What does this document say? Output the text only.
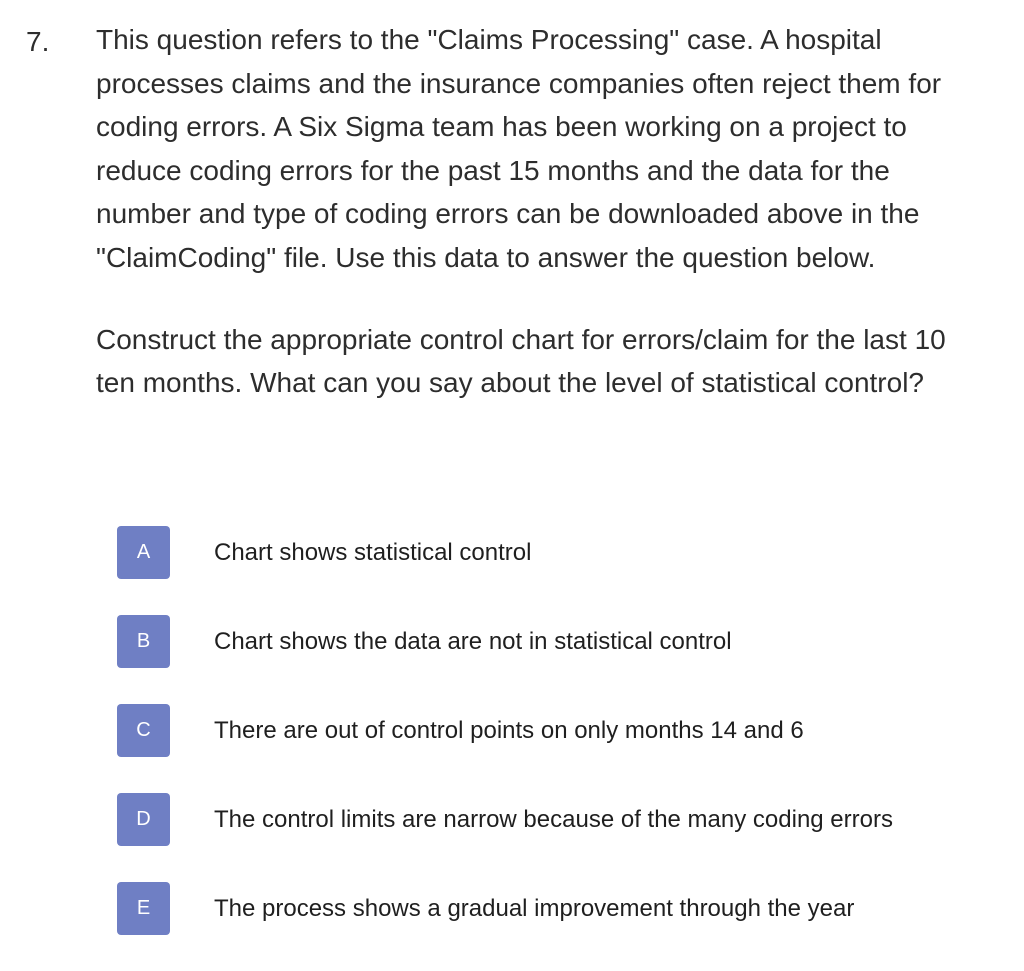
7. This question refers to the "Claims Processing" case. A hospital processes claims and the insurance companies often reject them for coding errors. A Six Sigma team has been working on a project to reduce coding errors for the past 15 months and the data for the number and type of coding errors can be downloaded above in the "ClaimCoding" file. Use this data to answer the question below.

Construct the appropriate control chart for errors/claim for the last 10 ten months. What can you say about the level of statistical control?

A	Chart shows statistical control
B	Chart shows the data are not in statistical control
C	There are out of control points on only months 14 and 6
D	The control limits are narrow because of the many coding errors
E	The process shows a gradual improvement through the year
